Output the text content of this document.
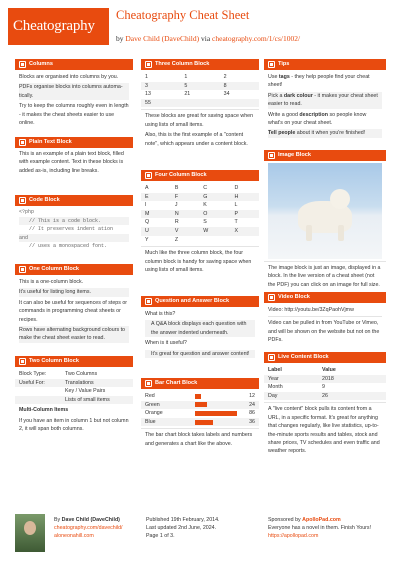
Cheatography
Cheatography Cheat Sheet
by Dave Child (DaveChild) via cheatography.com/1/cs/1002/
Columns

Blocks are organised into columns by you.

PDFs organise blocks into columns automa-tically.

Try to keep the columns roughly even in length - it makes the cheat sheets easier to use online.

Plain Text Block

This is an example of a plain text block, filled with example content. Text in these blocks is added as-is, including line breaks.

Code Block
<?php
// This is a code block.
// It preserves indent ation
and
// uses a monospaced font.
One Column Block

This is a one-column block.

It's useful for listing long items.

It can also be useful for sequences of steps or commands in programming cheat sheets or recipes.

Rows have alternating background colours to make the cheat sheet easier to read.

Two Column Block
Block Type:	Two Columns
Useful For:	Translations
	Key / Value Pairs
	Lists of small items

Multi-Column Items

If you have an item in column 1 but not column 2, it will span both columns.

Three Column Block
1	1	2
3	5	8
13	21	34
55		

These blocks are great for saving space when using lists of small items.

Also, this is the first example of a "content note", which appears under a content block.

Four Column Block
A	B	C	D
E	F	G	H
I	J	K	L
M	N	O	P
Q	R	S	T
U	V	W	X
Y	Z		

Much like the three column block, the four column block is handy for saving space when using lists of small items.

Question and Answer Block

What is this?

A Q&A block displays each question with the answer indented underneath.

When is it useful?

It's great for question and answer content!

Bar Chart Block
Red	12
Green	24
Orange	86
Blue	36

The bar chart block takes labels and numbers and generates a chart like the above.

Tips

Use tags - they help people find your cheat sheet!

Pick a dark colour - it makes your cheat sheet easier to read.

Write a good description so people know what's on your cheat sheet.

Tell people about it when you're finished!

Image Block

The image block is just an image, displayed in a block. In the live version of a cheat sheet (not the PDF) you can click on an image for full size.

Video Block

Video: http://youtu.be/3ZqPaohVjmw

Video can be pulled in from YouTube or Vimeo, and will be shown on the website but not on the PDFs.

Live Content Block
Label	Value
Year	2018
Month	9
Day	26

A "live content" block pulls its content from a URL, in a specific format. It's great for anything that changes regularly, like live statistics, up-to-the-minute sports results and tables, stock and share prices, TV schedules and even traffic and weather reports.

By Dave Child (DaveChild)
cheatography.com/davechild/
aloneonahill.com
Published 19th February, 2014.
Last updated 2nd June, 2024.
Page 1 of 3.
Sponsored by ApolloPad.com
Everyone has a novel in them. Finish Yours!
https://apollopad.com
